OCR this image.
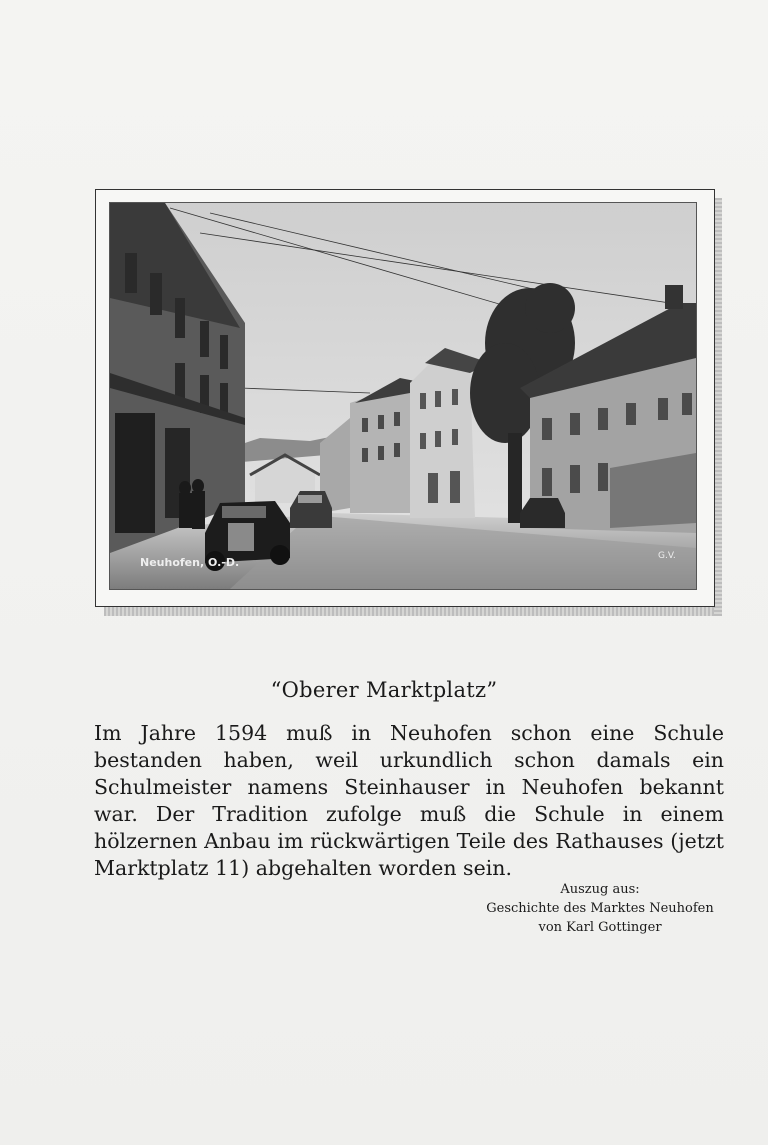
Neuhofen, O.-D.	G.V.
“Oberer Marktplatz”
Im Jahre 1594 muß in Neuhofen schon eine Schule bestanden haben, weil urkundlich schon damals ein Schulmeister namens Steinhauser in Neuhofen bekannt war. Der Tradition zufolge muß die Schule in einem hölzernen Anbau im rückwärtigen Teile des Rathauses (jetzt Marktplatz 11) abgehalten worden sein.
Auszug aus:
Geschichte des Marktes Neuhofen
von Karl Gottinger
